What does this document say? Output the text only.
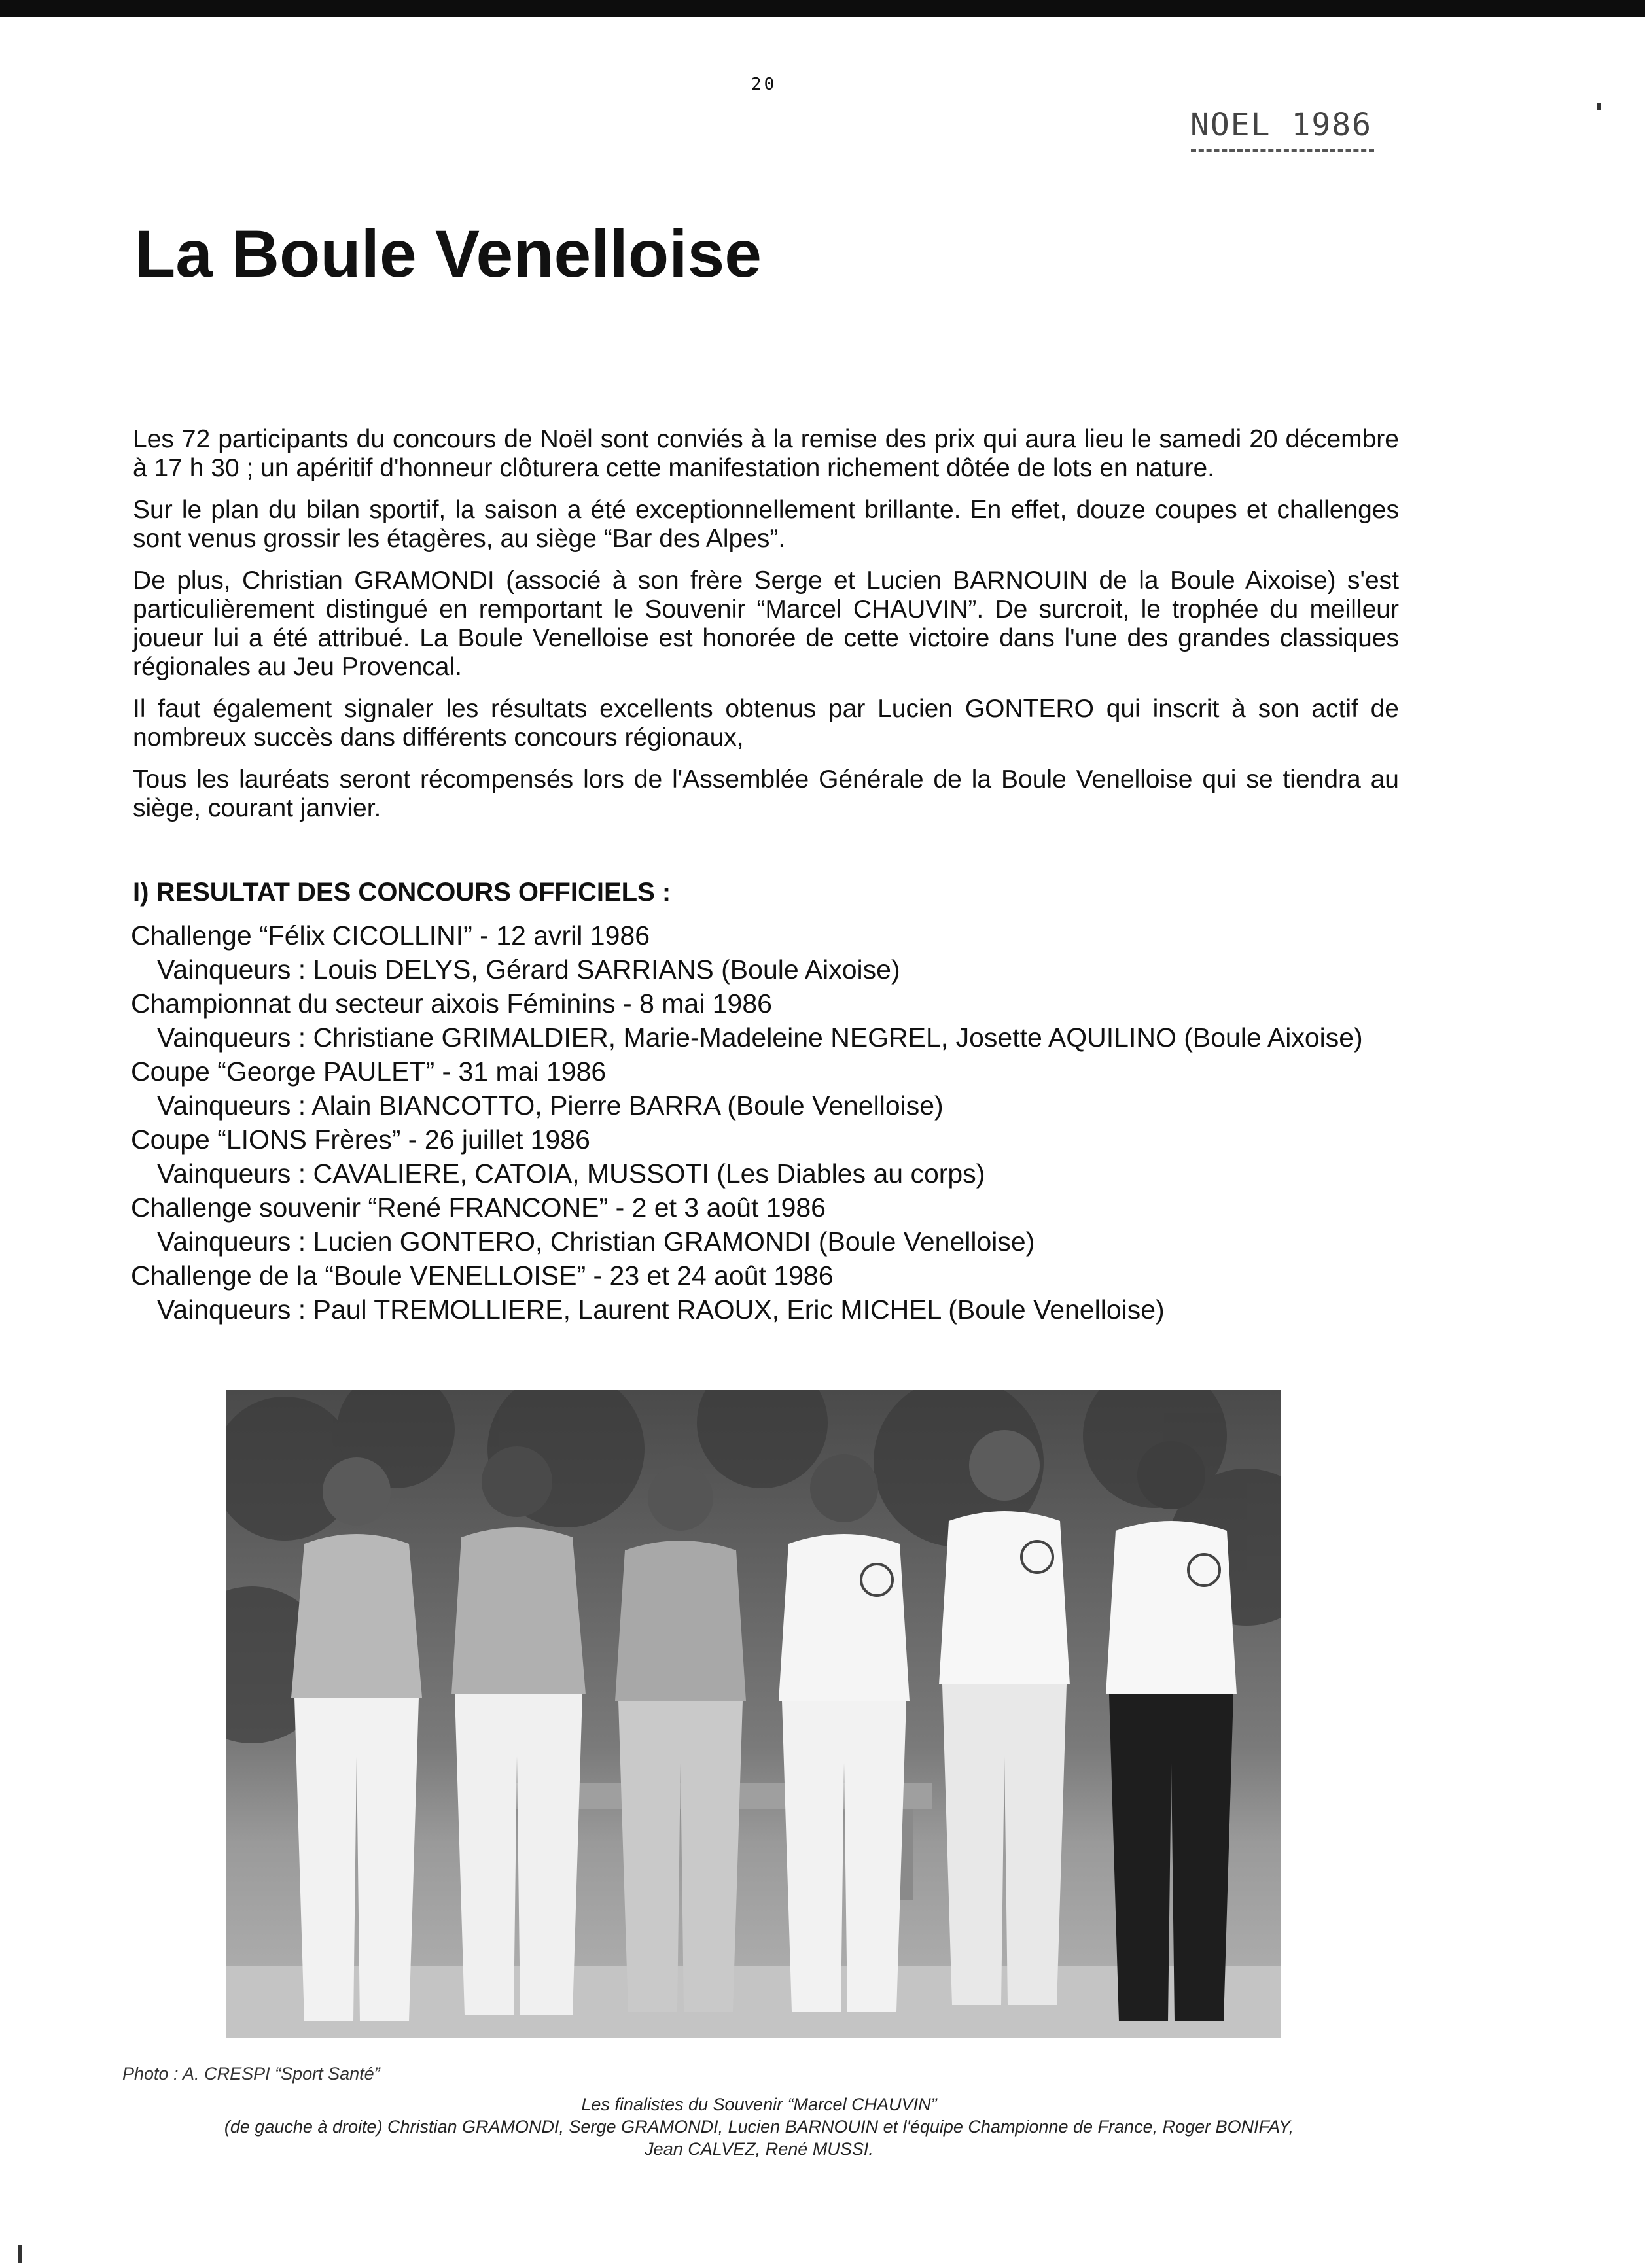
20
NOEL 1986
La Boule Venelloise

Les 72 participants du concours de Noël sont conviés à la remise des prix qui aura lieu le samedi 20 décembre à 17 h 30 ; un apéritif d'honneur clôturera cette manifestation richement dôtée de lots en nature.

Sur le plan du bilan sportif, la saison a été exceptionnellement brillante. En effet, douze coupes et challenges sont venus grossir les étagères, au siège “Bar des Alpes”.

De plus, Christian GRAMONDI (associé à son frère Serge et Lucien BARNOUIN de la Boule Aixoise) s'est particulièrement distingué en remportant le Souvenir “Marcel CHAUVIN”. De surcroit, le trophée du meilleur joueur lui a été attribué. La Boule Venelloise est honorée de cette victoire dans l'une des grandes classiques régionales au Jeu Provencal.

Il faut également signaler les résultats excellents obtenus par Lucien GONTERO qui inscrit à son actif de nombreux succès dans différents concours régionaux,

Tous les lauréats seront récompensés lors de l'Assemblée Générale de la Boule Venelloise qui se tiendra au siège, courant janvier.

I) RESULTAT DES CONCOURS OFFICIELS :
Challenge “Félix CICOLLINI” - 12 avril 1986
Vainqueurs : Louis DELYS, Gérard SARRIANS (Boule Aixoise)
Championnat du secteur aixois Féminins - 8 mai 1986
Vainqueurs : Christiane GRIMALDIER, Marie-Madeleine NEGREL, Josette AQUILINO (Boule Aixoise)
Coupe “George PAULET” - 31 mai 1986
Vainqueurs : Alain BIANCOTTO, Pierre BARRA (Boule Venelloise)
Coupe “LIONS Frères” - 26 juillet 1986
Vainqueurs : CAVALIERE, CATOIA, MUSSOTI (Les Diables au corps)
Challenge souvenir “René FRANCONE” - 2 et 3 août 1986
Vainqueurs : Lucien GONTERO, Christian GRAMONDI (Boule Venelloise)
Challenge de la “Boule VENELLOISE” - 23 et 24 août 1986
Vainqueurs : Paul TREMOLLIERE, Laurent RAOUX, Eric MICHEL (Boule Venelloise)
Photo : A. CRESPI “Sport Santé”
Les finalistes du Souvenir “Marcel CHAUVIN”
(de gauche à droite) Christian GRAMONDI, Serge GRAMONDI, Lucien BARNOUIN et l'équipe Championne de France, Roger BONIFAY,
Jean CALVEZ, René MUSSI.
